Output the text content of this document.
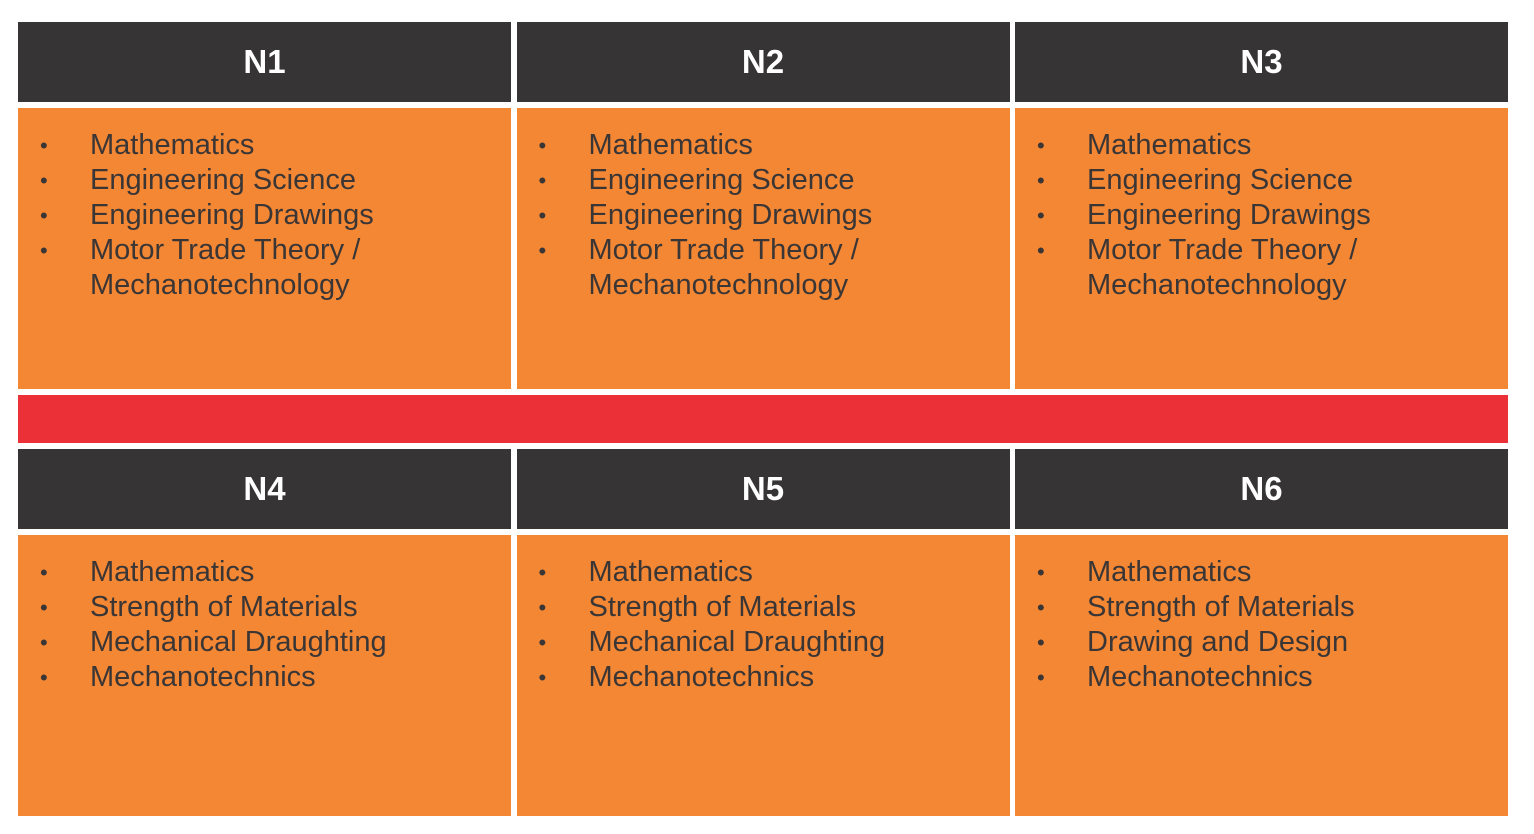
N1
•	Mathematics
•	Engineering Science
•	Engineering Drawings
•	Motor Trade Theory / Mechanotechnology
N2
•	Mathematics
•	Engineering Science
•	Engineering Drawings
•	Motor Trade Theory / Mechanotechnology
N3
•	Mathematics
•	Engineering Science
•	Engineering Drawings
•	Motor Trade Theory / Mechanotechnology
N4
•	Mathematics
•	Strength of Materials
•	Mechanical Draughting
•	Mechanotechnics
N5
•	Mathematics
•	Strength of Materials
•	Mechanical Draughting
•	Mechanotechnics
N6
•	Mathematics
•	Strength of Materials
•	Drawing and Design
•	Mechanotechnics
